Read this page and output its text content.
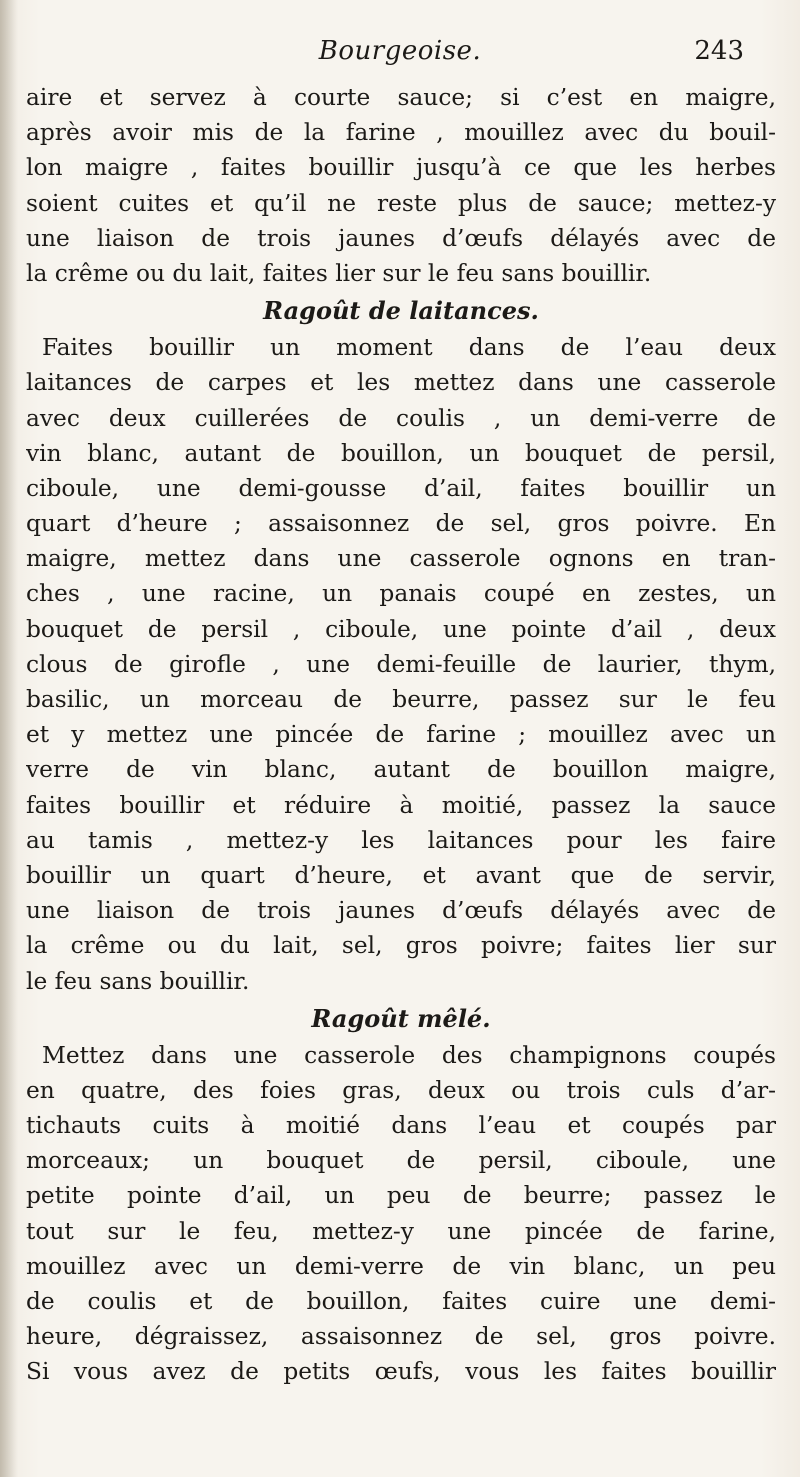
Bourgeoise.	243
aire et servez à courte sauce; si c’est en maigre,
après avoir mis de la farine , mouillez avec du bouil-
lon maigre , faites bouillir jusqu’à ce que les herbes
soient cuites et qu’il ne reste plus de sauce; mettez-y
une liaison de trois jaunes d’œufs délayés avec de
la crême ou du lait, faites lier sur le feu sans bouillir.
Ragoût de laitances.
Faites bouillir un moment dans de l’eau deux
laitances de carpes et les mettez dans une casserole
avec deux cuillerées de coulis , un demi-verre de
vin blanc, autant de bouillon, un bouquet de persil,
ciboule, une demi-gousse d’ail, faites bouillir un
quart d’heure ; assaisonnez de sel, gros poivre. En
maigre, mettez dans une casserole ognons en tran-
ches , une racine, un panais coupé en zestes, un
bouquet de persil , ciboule, une pointe d’ail , deux
clous de girofle , une demi-feuille de laurier, thym,
basilic, un morceau de beurre, passez sur le feu
et y mettez une pincée de farine ; mouillez avec un
verre de vin blanc, autant de bouillon maigre,
faites bouillir et réduire à moitié, passez la sauce
au tamis , mettez-y les laitances pour les faire
bouillir un quart d’heure, et avant que de servir,
une liaison de trois jaunes d’œufs délayés avec de
la crême ou du lait, sel, gros poivre; faites lier sur
le feu sans bouillir.
Ragoût mêlé.
Mettez dans une casserole des champignons coupés
en quatre, des foies gras, deux ou trois culs d’ar-
tichauts cuits à moitié dans l’eau et coupés par
morceaux; un bouquet de persil, ciboule, une
petite pointe d’ail, un peu de beurre; passez le
tout sur le feu, mettez-y une pincée de farine,
mouillez avec un demi-verre de vin blanc, un peu
de coulis et de bouillon, faites cuire une demi-
heure, dégraissez, assaisonnez de sel, gros poivre.
Si vous avez de petits œufs, vous les faites bouillir
